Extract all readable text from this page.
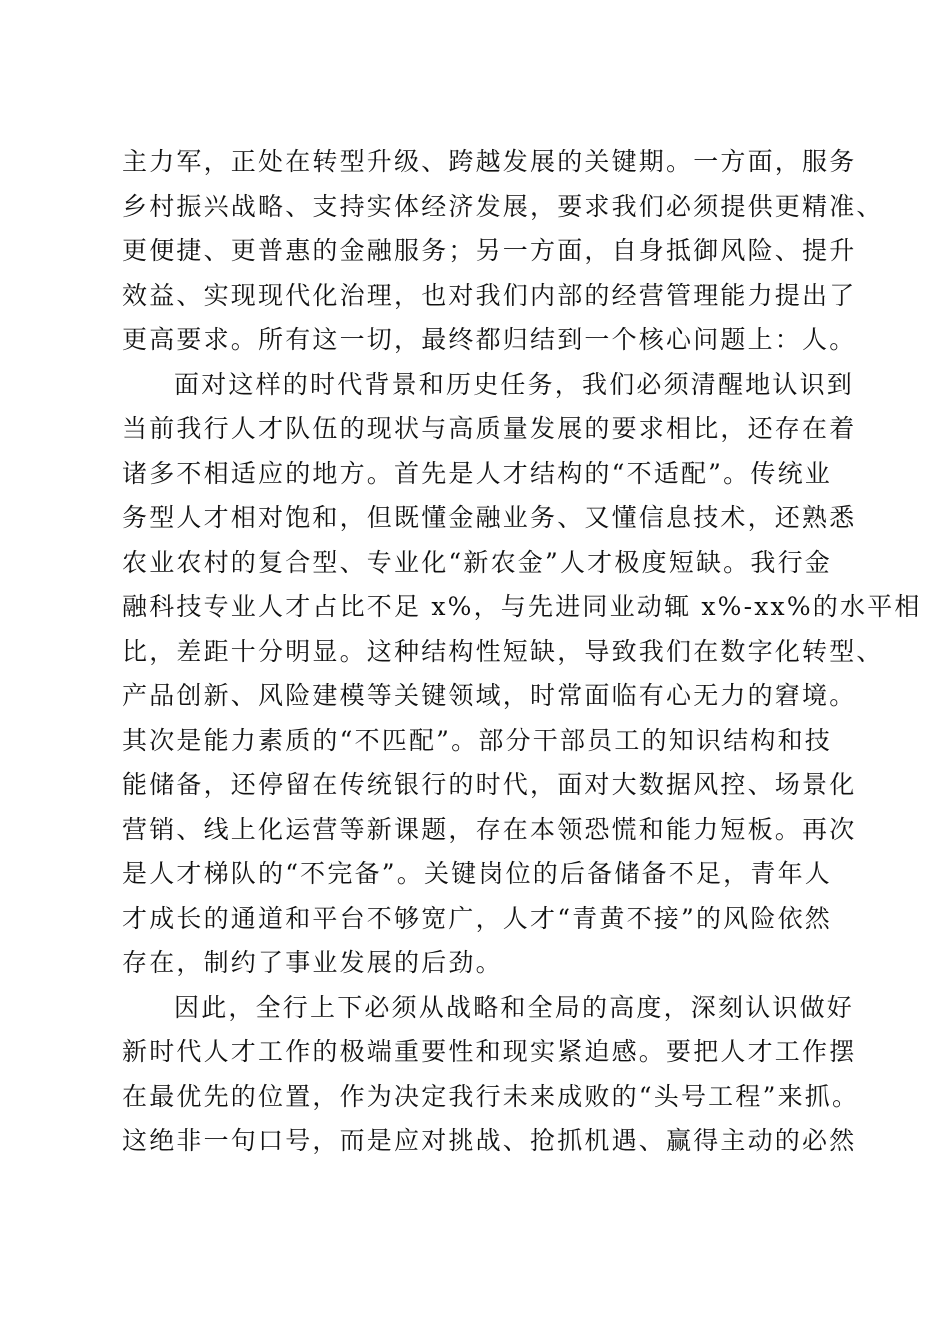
主力军，正处在转型升级、跨越发展的关键期。一方面，服务
乡村振兴战略、支持实体经济发展，要求我们必须提供更精准、
更便捷、更普惠的金融服务；另一方面，自身抵御风险、提升
效益、实现现代化治理，也对我们内部的经营管理能力提出了
更高要求。所有这一切，最终都归结到一个核心问题上：人。
面对这样的时代背景和历史任务，我们必须清醒地认识到
当前我行人才队伍的现状与高质量发展的要求相比，还存在着
诸多不相适应的地方。首先是人才结构的“不适配”。传统业
务型人才相对饱和，但既懂金融业务、又懂信息技术，还熟悉
农业农村的复合型、专业化“新农金”人才极度短缺。我行金
融科技专业人才占比不足 x%，与先进同业动辄 x%-xx%的水平相
比，差距十分明显。这种结构性短缺，导致我们在数字化转型、
产品创新、风险建模等关键领域，时常面临有心无力的窘境。
其次是能力素质的“不匹配”。部分干部员工的知识结构和技
能储备，还停留在传统银行的时代，面对大数据风控、场景化
营销、线上化运营等新课题，存在本领恐慌和能力短板。再次
是人才梯队的“不完备”。关键岗位的后备储备不足，青年人
才成长的通道和平台不够宽广，人才“青黄不接”的风险依然
存在，制约了事业发展的后劲。
因此，全行上下必须从战略和全局的高度，深刻认识做好
新时代人才工作的极端重要性和现实紧迫感。要把人才工作摆
在最优先的位置，作为决定我行未来成败的“头号工程”来抓。
这绝非一句口号，而是应对挑战、抢抓机遇、赢得主动的必然
